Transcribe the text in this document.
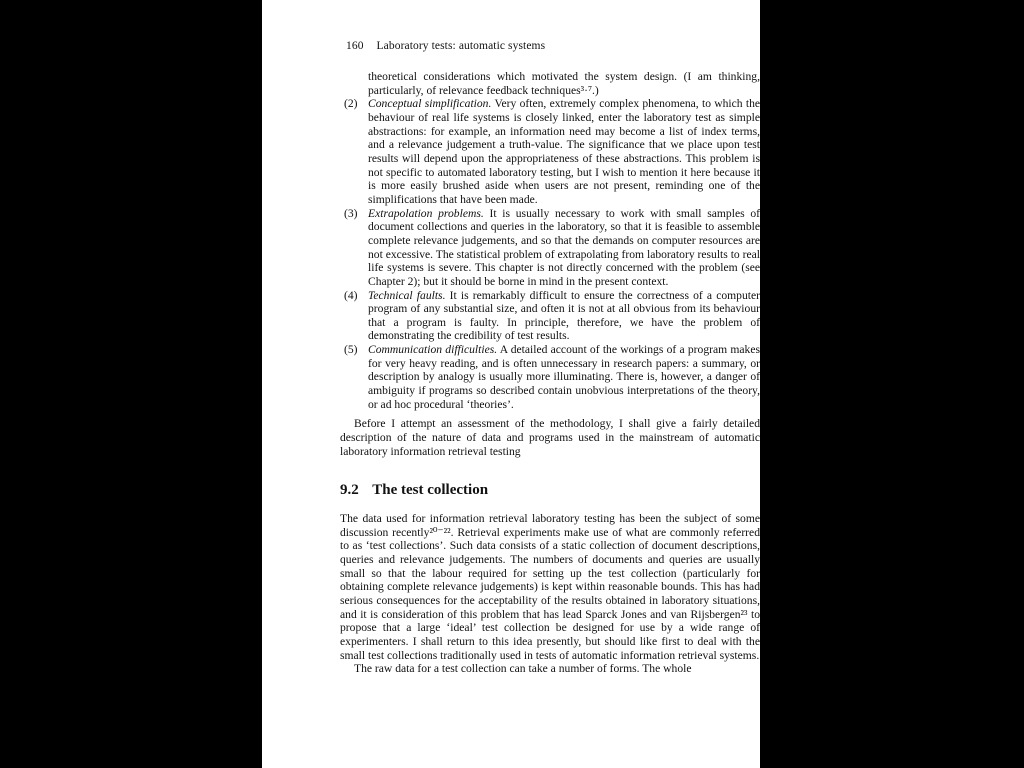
160 Laboratory tests: automatic systems

theoretical considerations which motivated the system design. (I am thinking, particularly, of relevance feedback techniques³·⁷.)

(2) Conceptual simplification. Very often, extremely complex phenomena, to which the behaviour of real life systems is closely linked, enter the laboratory test as simple abstractions: for example, an information need may become a list of index terms, and a relevance judgement a truth-value. The significance that we place upon test results will depend upon the appropriateness of these abstractions. This problem is not specific to automated laboratory testing, but I wish to mention it here because it is more easily brushed aside when users are not present, reminding one of the simplifications that have been made.

(3) Extrapolation problems. It is usually necessary to work with small samples of document collections and queries in the laboratory, so that it is feasible to assemble complete relevance judgements, and so that the demands on computer resources are not excessive. The statistical problem of extrapolating from laboratory results to real life systems is severe. This chapter is not directly concerned with the problem (see Chapter 2); but it should be borne in mind in the present context.

(4) Technical faults. It is remarkably difficult to ensure the correctness of a computer program of any substantial size, and often it is not at all obvious from its behaviour that a program is faulty. In principle, therefore, we have the problem of demonstrating the credibility of test results.

(5) Communication difficulties. A detailed account of the workings of a program makes for very heavy reading, and is often unnecessary in research papers: a summary, or description by analogy is usually more illuminating. There is, however, a danger of ambiguity if programs so described contain unobvious interpretations of the theory, or ad hoc procedural ‘theories’.

Before I attempt an assessment of the methodology, I shall give a fairly detailed description of the nature of data and programs used in the mainstream of automatic laboratory information retrieval testing

9.2 The test collection

The data used for information retrieval laboratory testing has been the subject of some discussion recently²⁰⁻²². Retrieval experiments make use of what are commonly referred to as ‘test collections’. Such data consists of a static collection of document descriptions, queries and relevance judgements. The numbers of documents and queries are usually small so that the labour required for setting up the test collection (particularly for obtaining complete relevance judgements) is kept within reasonable bounds. This has had serious consequences for the acceptability of the results obtained in laboratory situations, and it is consideration of this problem that has lead Sparck Jones and van Rijsbergen²³ to propose that a large ‘ideal’ test collection be designed for use by a wide range of experimenters. I shall return to this idea presently, but should like first to deal with the small test collections traditionally used in tests of automatic information retrieval systems.

The raw data for a test collection can take a number of forms. The whole
